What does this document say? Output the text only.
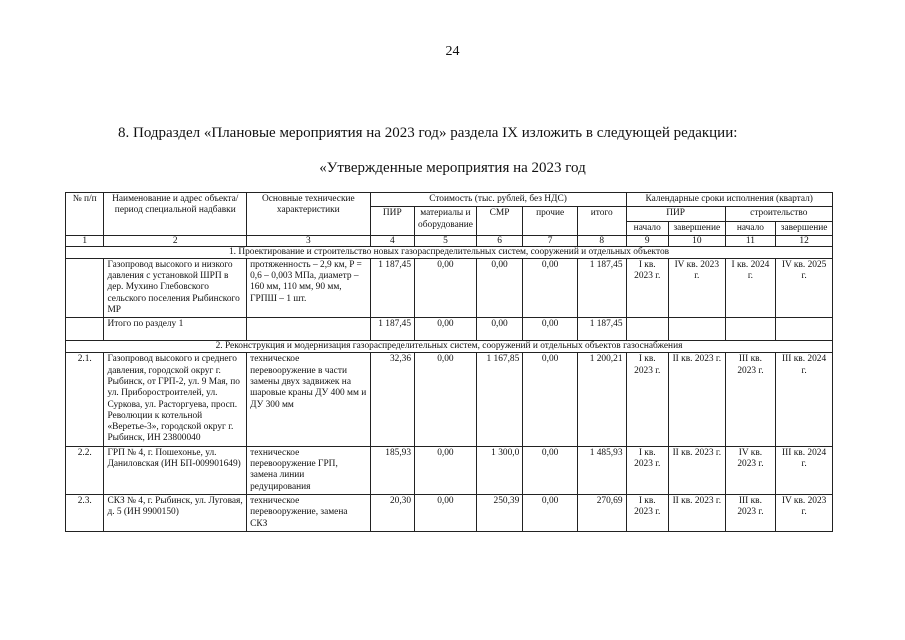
24
8. Подраздел «Плановые мероприятия на 2023 год» раздела IX изложить в следующей редакции:
«Утвержденные мероприятия на 2023 год
№ п/п	Наименование и адрес объекта/ период специальной надбавки	Основные технические характеристики	Стоимость (тыс. рублей, без НДС)					Календарные сроки исполнения (квартал)			
			ПИР	материалы и оборудование	СМР	прочие	итого	ПИР		строительство	
								начало	завершение	начало	завершение
1	2	3	4	5	6	7	8	9	10	11	12
1. Проектирование и строительство новых газораспределительных систем, сооружений и отдельных объектов											
	Газопровод высокого и низкого давления с установкой ШРП в дер. Мухино Глебовского сельского поселения Рыбинского МР	протяженность – 2,9 км, P = 0,6 – 0,003 МПа, диаметр – 160 мм, 110 мм, 90 мм, ГРПШ – 1 шт.	1 187,45	0,00	0,00	0,00	1 187,45	I кв. 2023 г.	IV кв. 2023 г.	I кв. 2024 г.	IV кв. 2025 г.
	Итого по разделу 1		1 187,45	0,00	0,00	0,00	1 187,45				
2. Реконструкция и модернизация газораспределительных систем, сооружений и отдельных объектов газоснабжения											
2.1.	Газопровод высокого и среднего давления, городской округ г. Рыбинск, от ГРП-2, ул. 9 Мая, по ул. Приборостроителей, ул. Суркова, ул. Расторгуева, просп. Революции к котельной «Веретье-3», городской округ г. Рыбинск, ИН 23800040	техническое перевооружение в части замены двух задвижек на шаровые краны ДУ 400 мм и ДУ 300 мм	32,36	0,00	1 167,85	0,00	1 200,21	I кв. 2023 г.	II кв. 2023 г.	III кв. 2023 г.	III кв. 2024 г.
2.2.	ГРП № 4, г. Пошехонье, ул. Даниловская (ИН БП-009901649)	техническое перевооружение ГРП, замена линии редуцирования	185,93	0,00	1 300,0	0,00	1 485,93	I кв. 2023 г.	II кв. 2023 г.	IV кв. 2023 г.	III кв. 2024 г.
2.3.	СКЗ № 4, г. Рыбинск, ул. Луговая, д. 5 (ИН 9900150)	техническое перевооружение, замена СКЗ	20,30	0,00	250,39	0,00	270,69	I кв. 2023 г.	II кв. 2023 г.	III кв. 2023 г.	IV кв. 2023 г.
